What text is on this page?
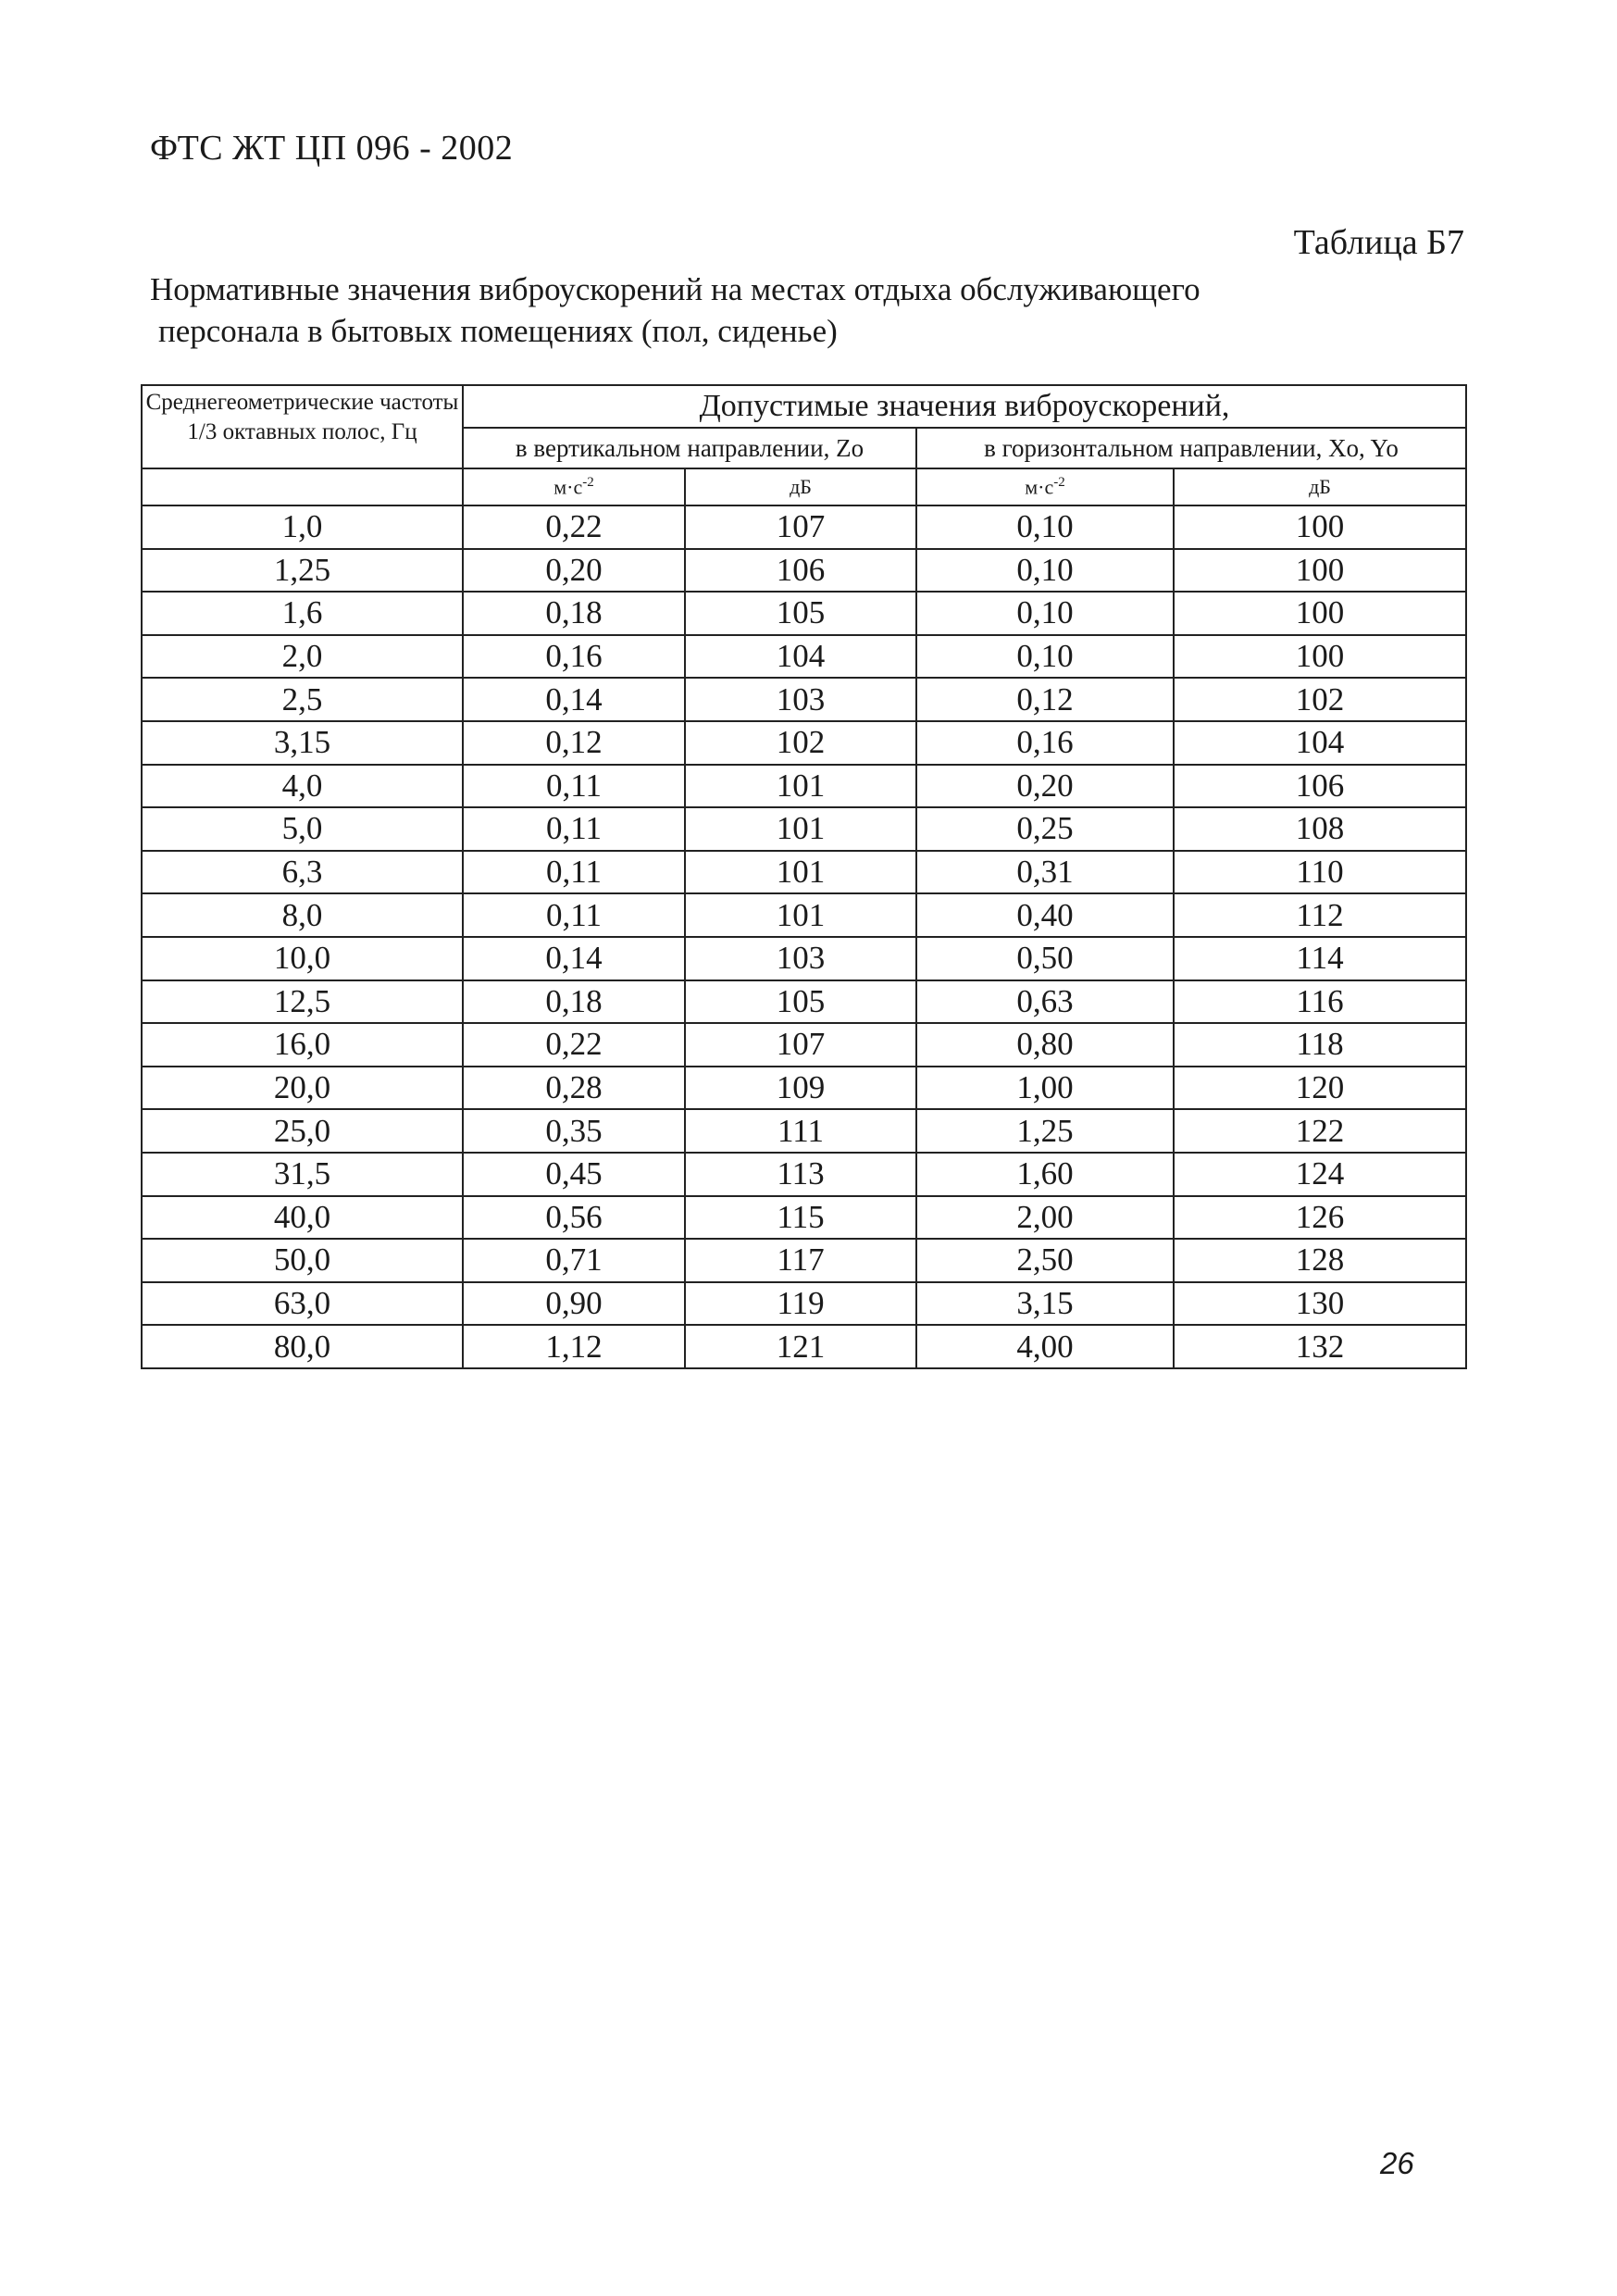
ФТС ЖТ ЦП 096 - 2002
Таблица Б7
Нормативные значения виброускорений на местах отдыха обслуживающего
персонала в бытовых помещениях (пол, сиденье)
Среднегеометрические частоты 1/3 октавных полос, Гц	Допустимые значения виброускорений,			
	в вертикальном направлении, Zo		в горизонтальном направлении, Xo, Yo	
	$м\cdot с^{-2}$	дБ	$м\cdot с^{-2}$	дБ
1,0	0,22	107	0,10	100
1,25	0,20	106	0,10	100
1,6	0,18	105	0,10	100
2,0	0,16	104	0,10	100
2,5	0,14	103	0,12	102
3,15	0,12	102	0,16	104
4,0	0,11	101	0,20	106
5,0	0,11	101	0,25	108
6,3	0,11	101	0,31	110
8,0	0,11	101	0,40	112
10,0	0,14	103	0,50	114
12,5	0,18	105	0,63	116
16,0	0,22	107	0,80	118
20,0	0,28	109	1,00	120
25,0	0,35	111	1,25	122
31,5	0,45	113	1,60	124
40,0	0,56	115	2,00	126
50,0	0,71	117	2,50	128
63,0	0,90	119	3,15	130
80,0	1,12	121	4,00	132
26
